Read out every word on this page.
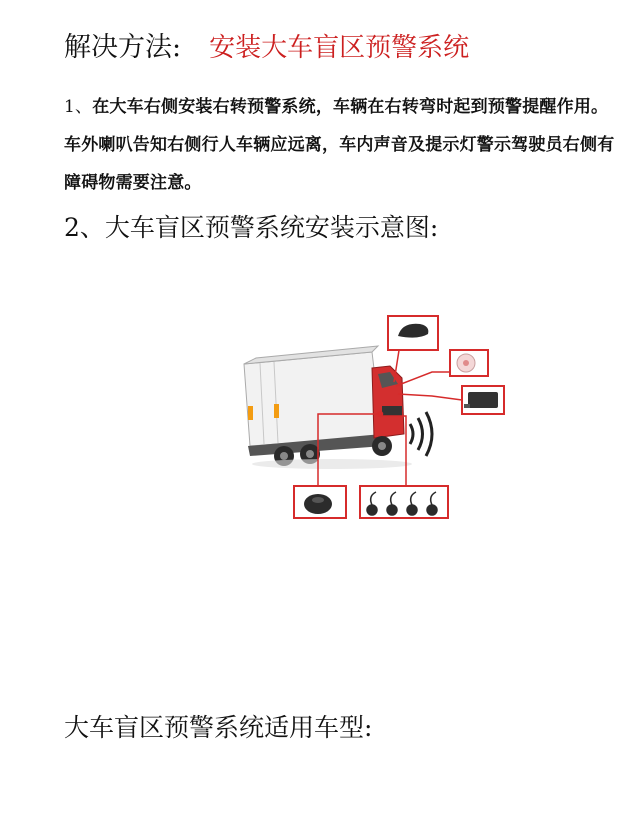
解决方法: 安装大车盲区预警系统
1、在大车右侧安装右转预警系统，车辆在右转弯时起到预警提醒作用。车外喇叭告知右侧行人车辆应远离，车内声音及提示灯警示驾驶员右侧有障碍物需要注意。
2、大车盲区预警系统安装示意图:
大车盲区预警系统适用车型:
